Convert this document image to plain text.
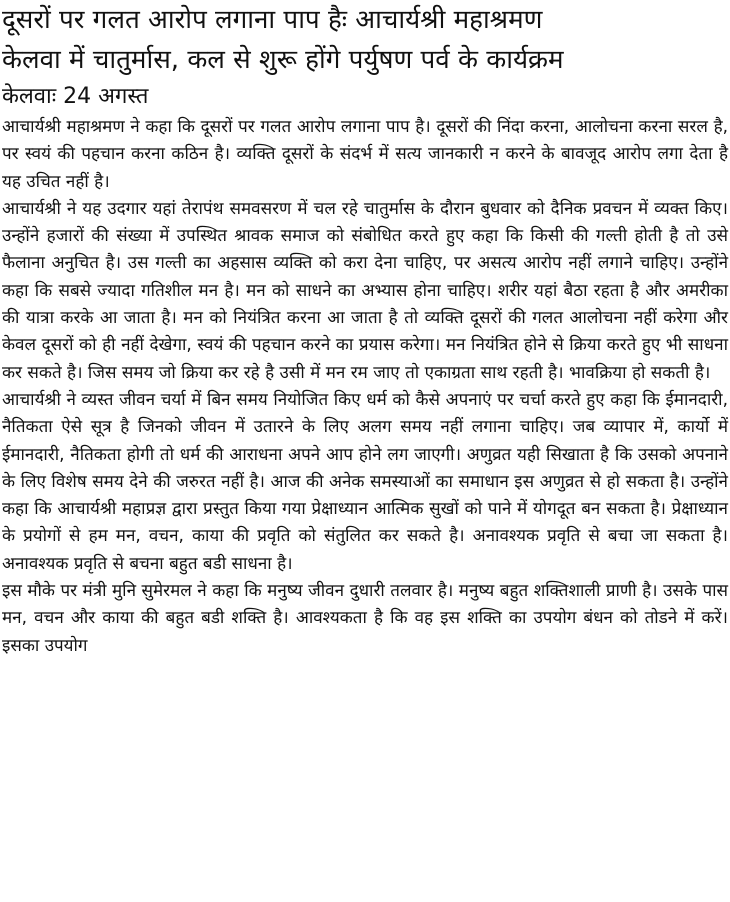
दूसरों पर गलत आरोप लगाना पाप हैः आचार्यश्री महाश्रमण
केलवा में चातुर्मास, कल से शुरू होंगे पर्युषण पर्व के कार्यक्रम
केलवाः 24 अगस्त

आचार्यश्री महाश्रमण ने कहा कि दूसरों पर गलत आरोप लगाना पाप है। दूसरों की निंदा करना, आलोचना करना सरल है, पर स्वयं की पहचान करना कठिन है। व्यक्ति दूसरों के संदर्भ में सत्य जानकारी न करने के बावजूद आरोप लगा देता है यह उचित नहीं है।

आचार्यश्री ने यह उदगार यहां तेरापंथ समवसरण में चल रहे चातुर्मास के दौरान बुधवार को दैनिक प्रवचन में व्यक्त किए। उन्होंने हजारों की संख्या में उपस्थित श्रावक समाज को संबोधित करते हुए कहा कि किसी की गल्ती होती है तो उसे फैलाना अनुचित है। उस गल्ती का अहसास व्यक्ति को करा देना चाहिए, पर असत्य आरोप नहीं लगाने चाहिए। उन्होंने कहा कि सबसे ज्यादा गतिशील मन है। मन को साधने का अभ्यास होना चाहिए। शरीर यहां बैठा रहता है और अमरीका की यात्रा करके आ जाता है। मन को नियंत्रित करना आ जाता है तो व्यक्ति दूसरों की गलत आलोचना नहीं करेगा और केवल दूसरों को ही नहीं देखेगा, स्वयं की पहचान करने का प्रयास करेगा। मन नियंत्रित होने से क्रिया करते हुए भी साधना कर सकते है। जिस समय जो क्रिया कर रहे है उसी में मन रम जाए तो एकाग्रता साथ रहती है। भावक्रिया हो सकती है।

आचार्यश्री ने व्यस्त जीवन चर्या में बिन समय नियोजित किए धर्म को कैसे अपनाएं पर चर्चा करते हुए कहा कि ईमानदारी, नैतिकता ऐसे सूत्र है जिनको जीवन में उतारने के लिए अलग समय नहीं लगाना चाहिए। जब व्यापार में, कार्यो में ईमानदारी, नैतिकता होगी तो धर्म की आराधना अपने आप होने लग जाएगी। अणुव्रत यही सिखाता है कि उसको अपनाने के लिए विशेष समय देने की जरुरत नहीं है। आज की अनेक समस्याओं का समाधान इस अणुव्रत से हो सकता है। उन्होंने कहा कि आचार्यश्री महाप्रज्ञ द्वारा प्रस्तुत किया गया प्रेक्षाध्यान आत्मिक सुखों को पाने में योगदूत बन सकता है। प्रेक्षाध्यान के प्रयोगों से हम मन, वचन, काया की प्रवृति को संतुलित कर सकते है। अनावश्यक प्रवृति से बचा जा सकता है। अनावश्यक प्रवृति से बचना बहुत बडी साधना है।

इस मौके पर मंत्री मुनि सुमेरमल ने कहा कि मनुष्य जीवन दुधारी तलवार है। मनुष्य बहुत शक्तिशाली प्राणी है। उसके पास मन, वचन और काया की बहुत बडी शक्ति है। आवश्यकता है कि वह इस शक्ति का उपयोग बंधन को तोडने में करें। इसका उपयोग
